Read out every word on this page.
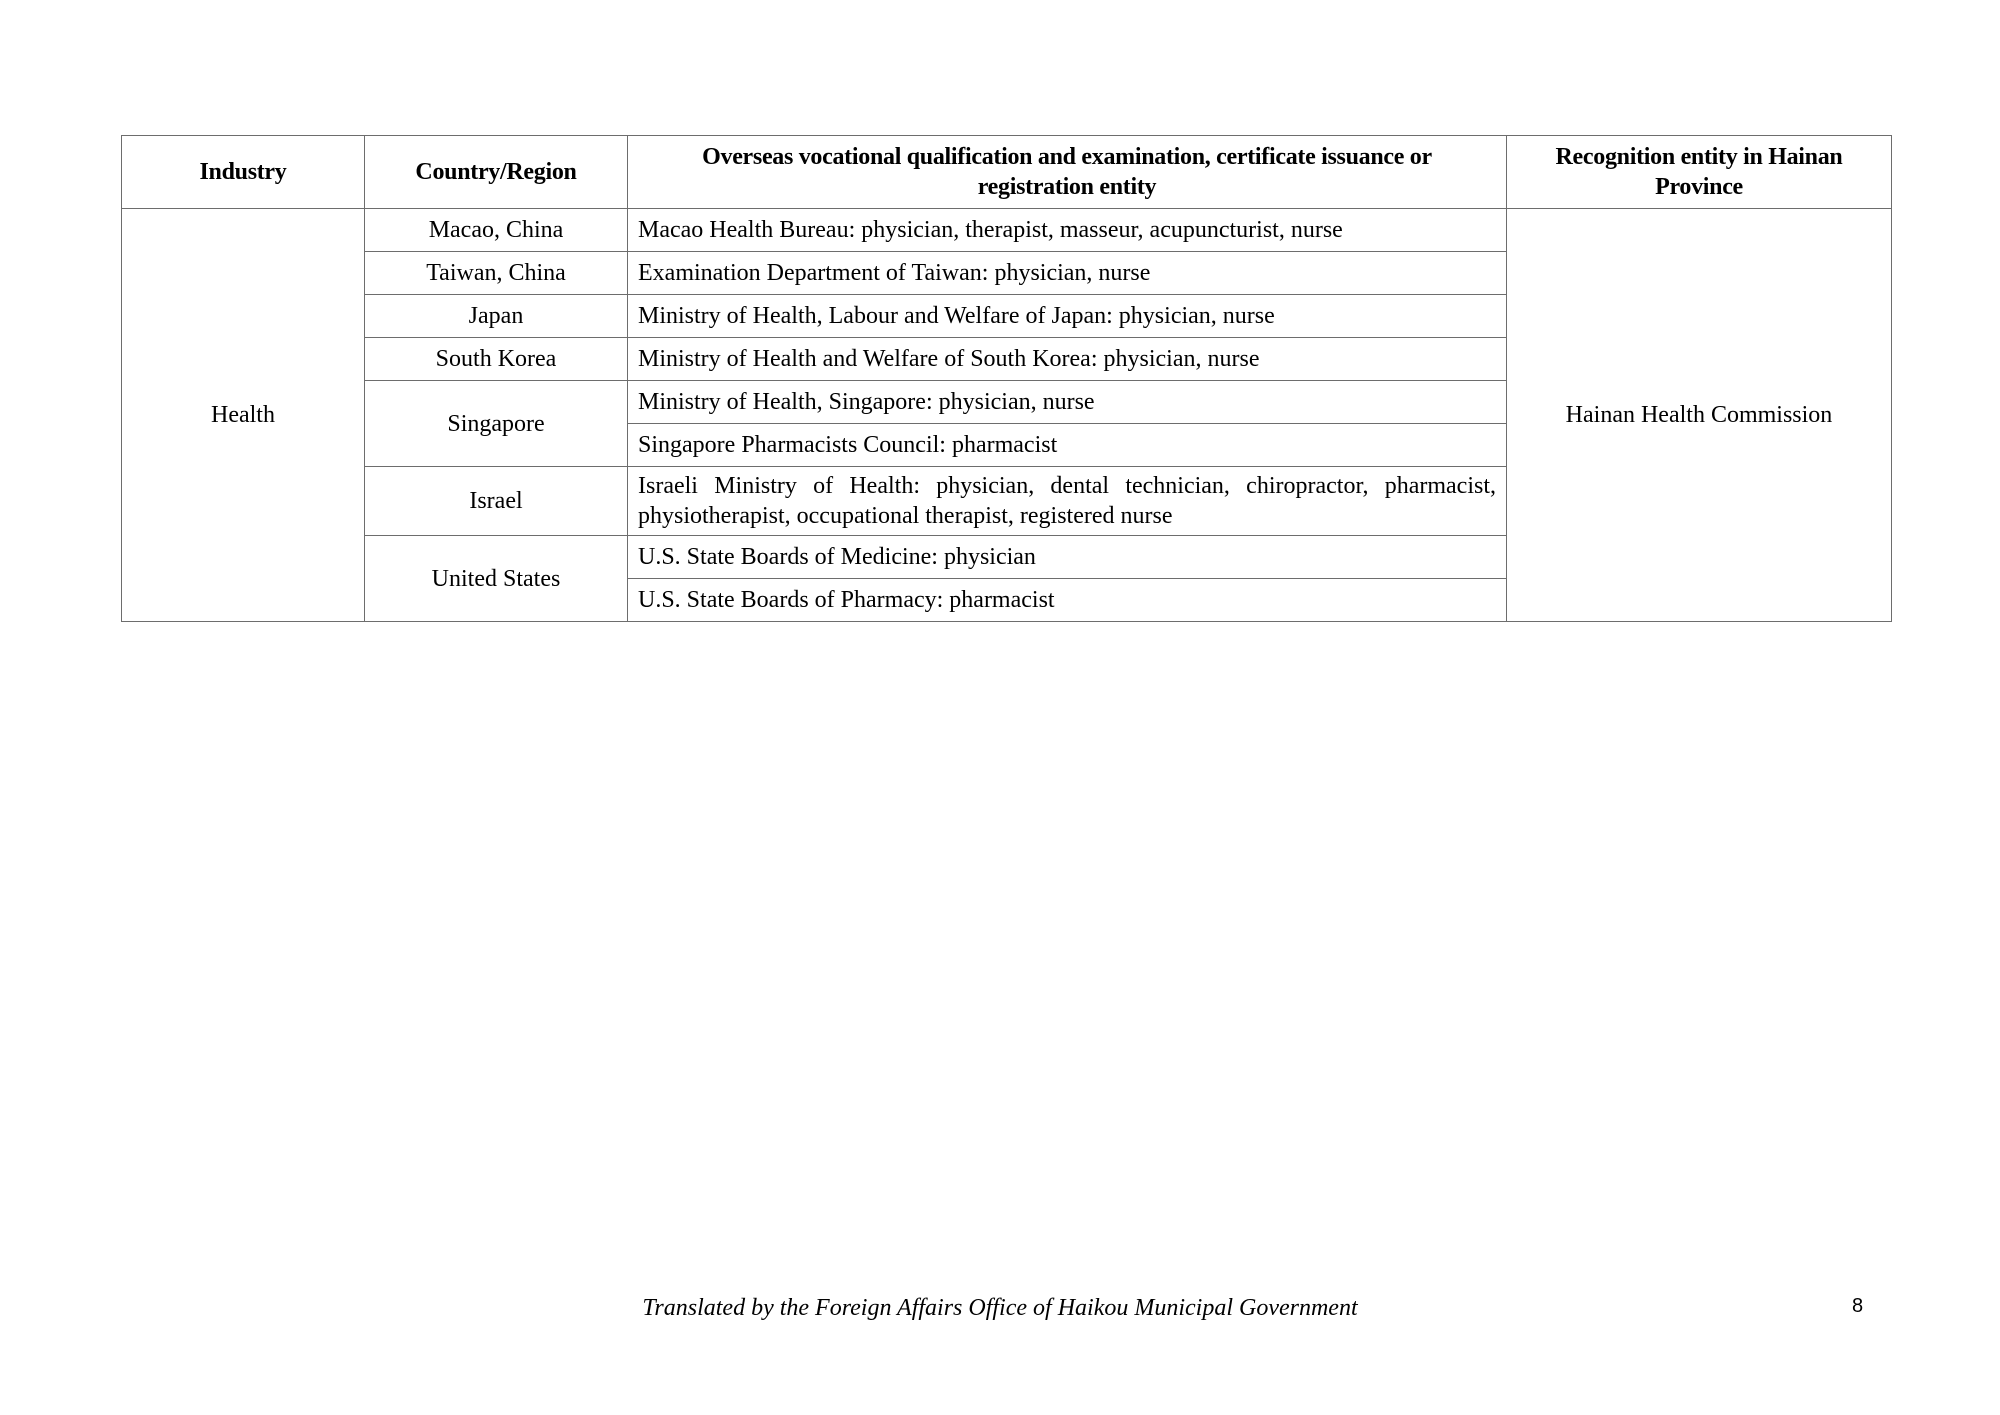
Industry	Country/Region	Overseas vocational qualification and examination, certificate issuance or registration entity	Recognition entity in Hainan Province
Health	Macao, China	Macao Health Bureau: physician, therapist, masseur, acupuncturist, nurse	Hainan Health Commission
	Taiwan, China	Examination Department of Taiwan: physician, nurse	
	Japan	Ministry of Health, Labour and Welfare of Japan: physician, nurse	
	South Korea	Ministry of Health and Welfare of South Korea: physician, nurse	
	Singapore	Ministry of Health, Singapore: physician, nurse	
		Singapore Pharmacists Council: pharmacist	
	Israel	Israeli Ministry of Health: physician, dental technician, chiropractor, pharmacist, physiotherapist, occupational therapist, registered nurse	
	United States	U.S. State Boards of Medicine: physician	
		U.S. State Boards of Pharmacy: pharmacist	
Translated by the Foreign Affairs Office of Haikou Municipal Government	8
